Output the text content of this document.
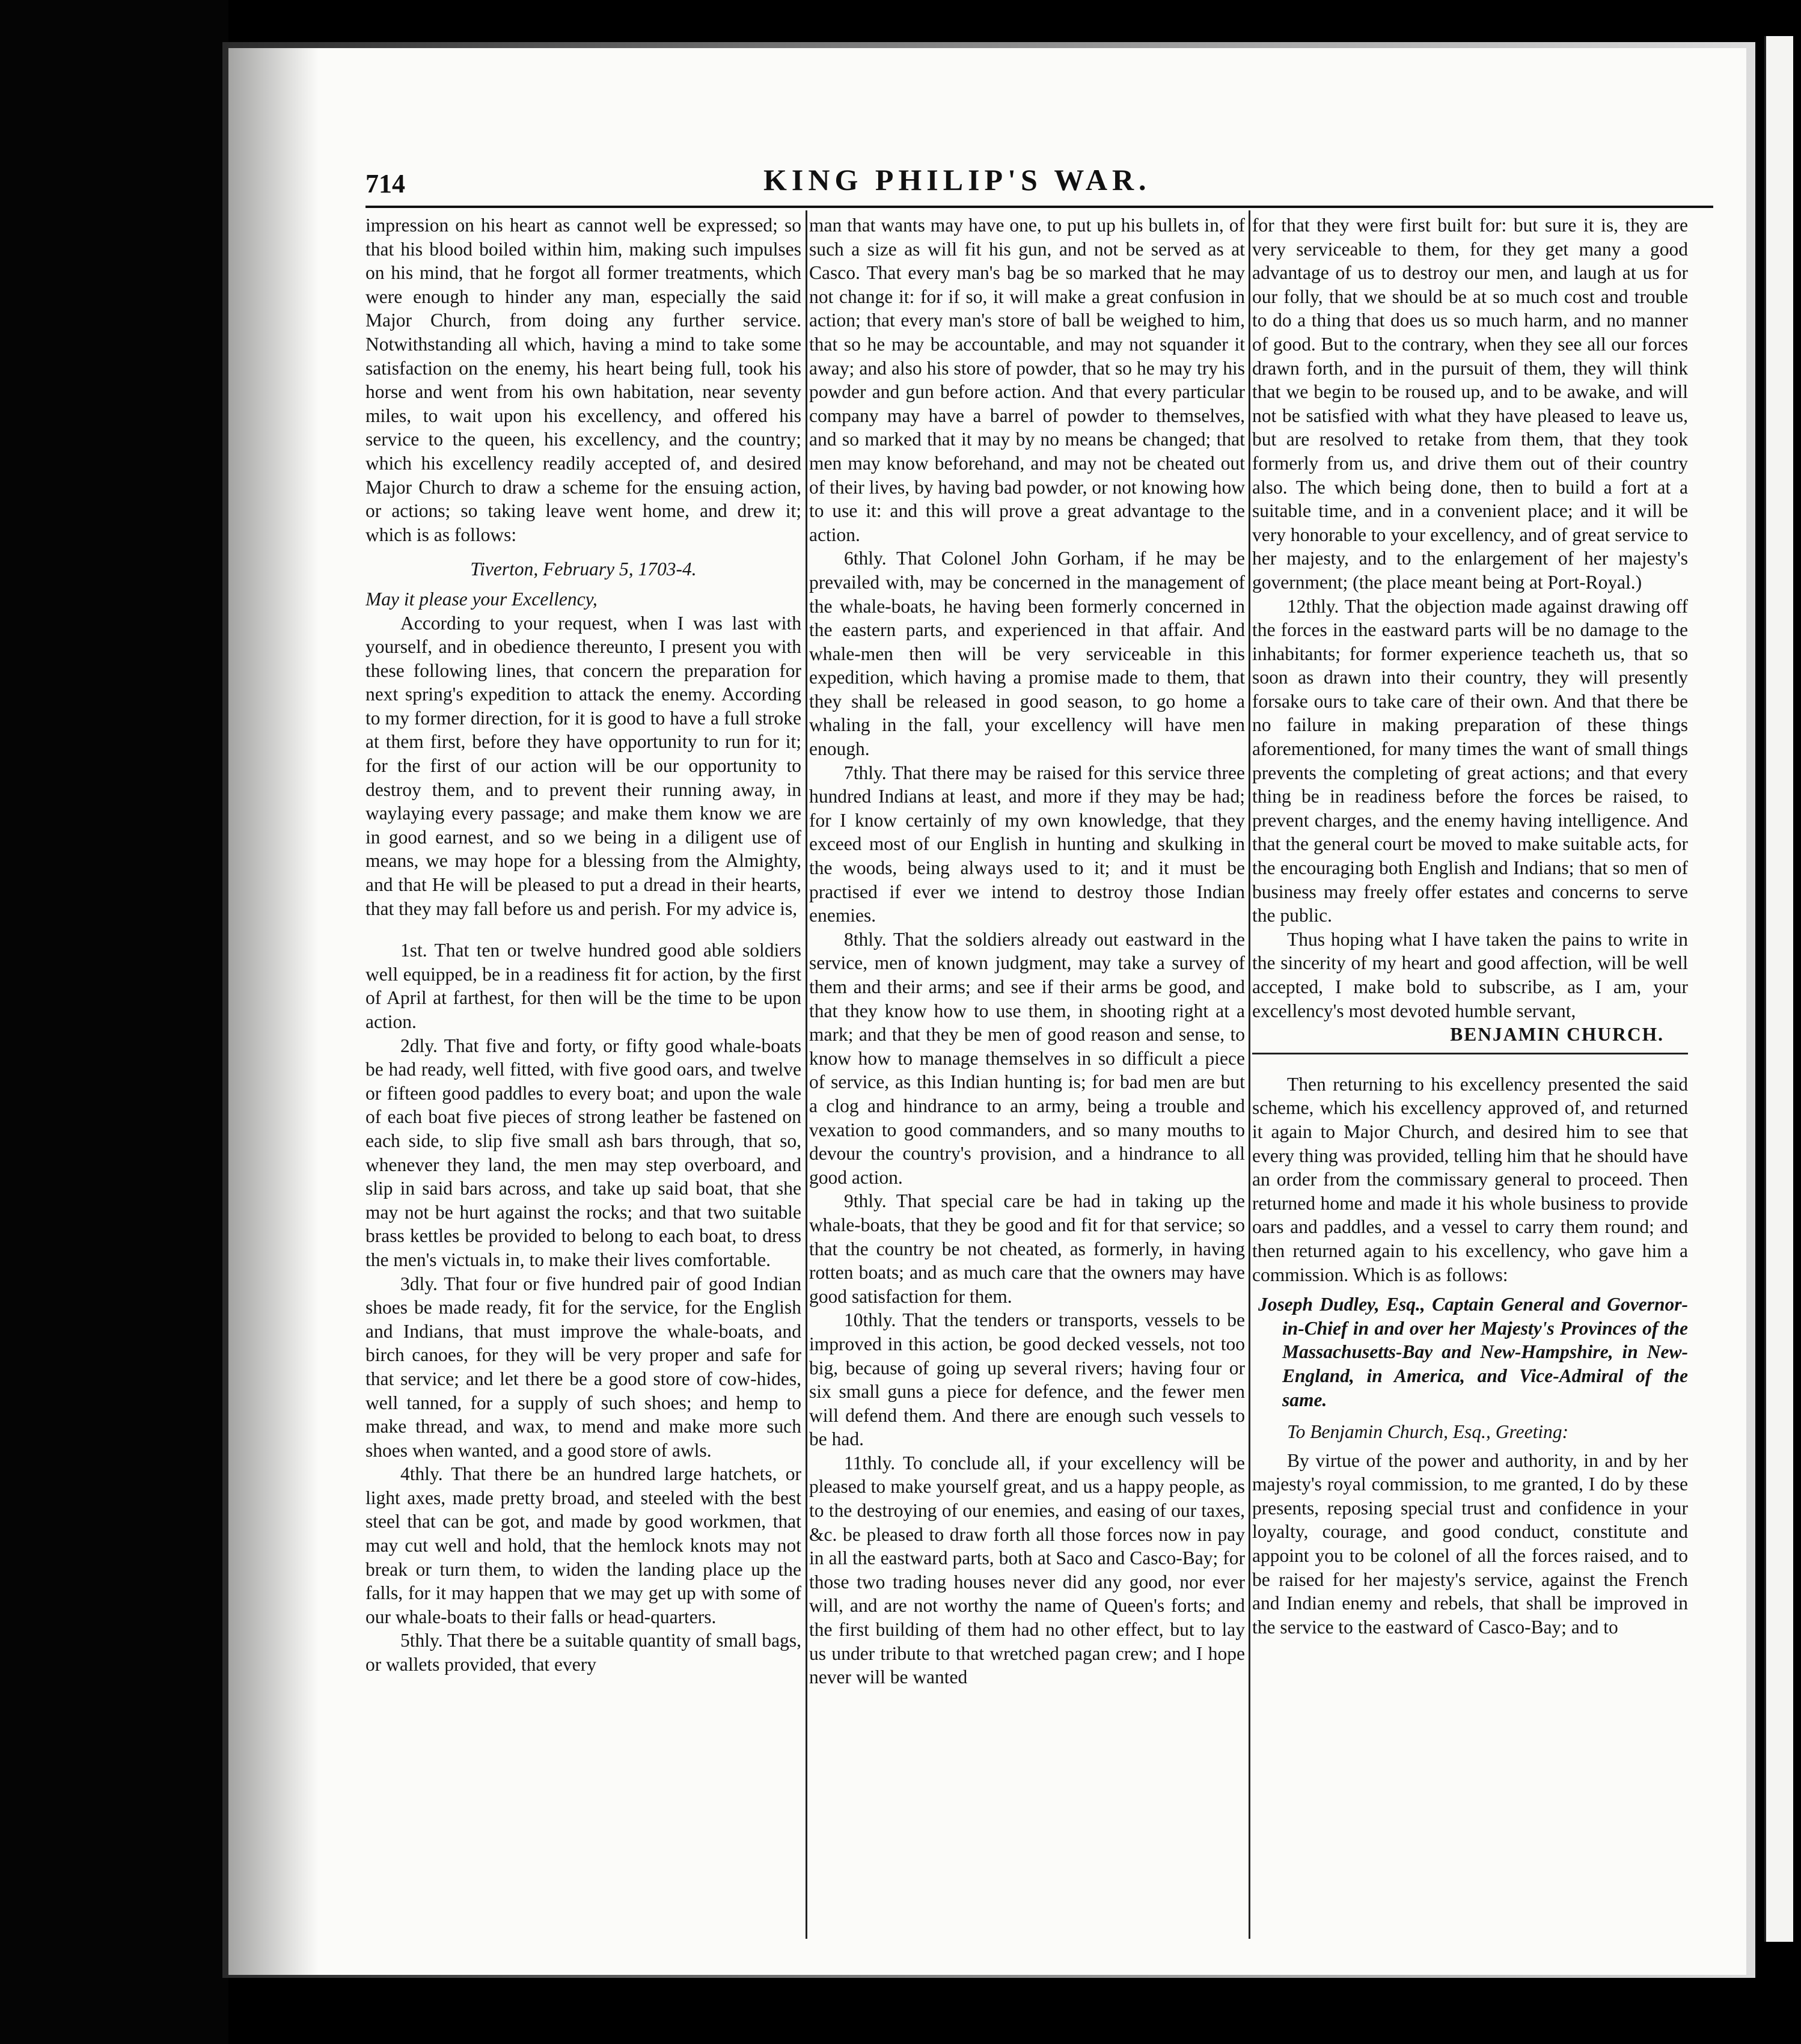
714	KING PHILIP'S WAR.

impression on his heart as cannot well be expressed; so that his blood boiled within him, making such impulses on his mind, that he forgot all former treatments, which were enough to hinder any man, especially the said Major Church, from doing any further service. Notwithstanding all which, having a mind to take some satisfaction on the enemy, his heart being full, took his horse and went from his own habitation, near seventy miles, to wait upon his excellency, and offered his service to the queen, his excellency, and the country; which his excellency readily accepted of, and desired Major Church to draw a scheme for the ensuing action, or actions; so taking leave went home, and drew it; which is as follows:

Tiverton, February 5, 1703-4.

May it please your Excellency,

According to your request, when I was last with yourself, and in obedience thereunto, I present you with these following lines, that concern the preparation for next spring's expedition to attack the enemy. According to my former direction, for it is good to have a full stroke at them first, before they have opportunity to run for it; for the first of our action will be our opportunity to destroy them, and to prevent their running away, in waylaying every passage; and make them know we are in good earnest, and so we being in a diligent use of means, we may hope for a blessing from the Almighty, and that He will be pleased to put a dread in their hearts, that they may fall before us and perish. For my advice is,

1st. That ten or twelve hundred good able soldiers well equipped, be in a readiness fit for action, by the first of April at farthest, for then will be the time to be upon action.

2dly. That five and forty, or fifty good whale-boats be had ready, well fitted, with five good oars, and twelve or fifteen good paddles to every boat; and upon the wale of each boat five pieces of strong leather be fastened on each side, to slip five small ash bars through, that so, whenever they land, the men may step overboard, and slip in said bars across, and take up said boat, that she may not be hurt against the rocks; and that two suitable brass kettles be provided to belong to each boat, to dress the men's victuals in, to make their lives comfortable.

3dly. That four or five hundred pair of good Indian shoes be made ready, fit for the service, for the English and Indians, that must improve the whale-boats, and birch canoes, for they will be very proper and safe for that service; and let there be a good store of cow-hides, well tanned, for a supply of such shoes; and hemp to make thread, and wax, to mend and make more such shoes when wanted, and a good store of awls.

4thly. That there be an hundred large hatchets, or light axes, made pretty broad, and steeled with the best steel that can be got, and made by good workmen, that may cut well and hold, that the hemlock knots may not break or turn them, to widen the landing place up the falls, for it may happen that we may get up with some of our whale-boats to their falls or head-quarters.

5thly. That there be a suitable quantity of small bags, or wallets provided, that every

man that wants may have one, to put up his bullets in, of such a size as will fit his gun, and not be served as at Casco. That every man's bag be so marked that he may not change it: for if so, it will make a great confusion in action; that every man's store of ball be weighed to him, that so he may be accountable, and may not squander it away; and also his store of powder, that so he may try his powder and gun before action. And that every particular company may have a barrel of powder to themselves, and so marked that it may by no means be changed; that men may know beforehand, and may not be cheated out of their lives, by having bad powder, or not knowing how to use it: and this will prove a great advantage to the action.

6thly. That Colonel John Gorham, if he may be prevailed with, may be concerned in the management of the whale-boats, he having been formerly concerned in the eastern parts, and experienced in that affair. And whale-men then will be very serviceable in this expedition, which having a promise made to them, that they shall be released in good season, to go home a whaling in the fall, your excellency will have men enough.

7thly. That there may be raised for this service three hundred Indians at least, and more if they may be had; for I know certainly of my own knowledge, that they exceed most of our English in hunting and skulking in the woods, being always used to it; and it must be practised if ever we intend to destroy those Indian enemies.

8thly. That the soldiers already out eastward in the service, men of known judgment, may take a survey of them and their arms; and see if their arms be good, and that they know how to use them, in shooting right at a mark; and that they be men of good reason and sense, to know how to manage themselves in so difficult a piece of service, as this Indian hunting is; for bad men are but a clog and hindrance to an army, being a trouble and vexation to good commanders, and so many mouths to devour the country's provision, and a hindrance to all good action.

9thly. That special care be had in taking up the whale-boats, that they be good and fit for that service; so that the country be not cheated, as formerly, in having rotten boats; and as much care that the owners may have good satisfaction for them.

10thly. That the tenders or transports, vessels to be improved in this action, be good decked vessels, not too big, because of going up several rivers; having four or six small guns a piece for defence, and the fewer men will defend them. And there are enough such vessels to be had.

11thly. To conclude all, if your excellency will be pleased to make yourself great, and us a happy people, as to the destroying of our enemies, and easing of our taxes, &c. be pleased to draw forth all those forces now in pay in all the eastward parts, both at Saco and Casco-Bay; for those two trading houses never did any good, nor ever will, and are not worthy the name of Queen's forts; and the first building of them had no other effect, but to lay us under tribute to that wretched pagan crew; and I hope never will be wanted

for that they were first built for: but sure it is, they are very serviceable to them, for they get many a good advantage of us to destroy our men, and laugh at us for our folly, that we should be at so much cost and trouble to do a thing that does us so much harm, and no manner of good. But to the contrary, when they see all our forces drawn forth, and in the pursuit of them, they will think that we begin to be roused up, and to be awake, and will not be satisfied with what they have pleased to leave us, but are resolved to retake from them, that they took formerly from us, and drive them out of their country also. The which being done, then to build a fort at a suitable time, and in a convenient place; and it will be very honorable to your excellency, and of great service to her majesty, and to the enlargement of her majesty's government; (the place meant being at Port-Royal.)

12thly. That the objection made against drawing off the forces in the eastward parts will be no damage to the inhabitants; for former experience teacheth us, that so soon as drawn into their country, they will presently forsake ours to take care of their own. And that there be no failure in making preparation of these things aforementioned, for many times the want of small things prevents the completing of great actions; and that every thing be in readiness before the forces be raised, to prevent charges, and the enemy having intelligence. And that the general court be moved to make suitable acts, for the encouraging both English and Indians; that so men of business may freely offer estates and concerns to serve the public.

Thus hoping what I have taken the pains to write in the sincerity of my heart and good affection, will be well accepted, I make bold to subscribe, as I am, your excellency's most devoted humble servant,

BENJAMIN CHURCH.

Then returning to his excellency presented the said scheme, which his excellency approved of, and returned it again to Major Church, and desired him to see that every thing was provided, telling him that he should have an order from the commissary general to proceed. Then returned home and made it his whole business to provide oars and paddles, and a vessel to carry them round; and then returned again to his excellency, who gave him a commission. Which is as follows:

Joseph Dudley, Esq., Captain General and Governor-in-Chief in and over her Majesty's Provinces of the Massachusetts-Bay and New-Hampshire, in New-England, in America, and Vice-Admiral of the same.

To Benjamin Church, Esq., Greeting:

By virtue of the power and authority, in and by her majesty's royal commission, to me granted, I do by these presents, reposing special trust and confidence in your loyalty, courage, and good conduct, constitute and appoint you to be colonel of all the forces raised, and to be raised for her majesty's service, against the French and Indian enemy and rebels, that shall be improved in the service to the eastward of Casco-Bay; and to
